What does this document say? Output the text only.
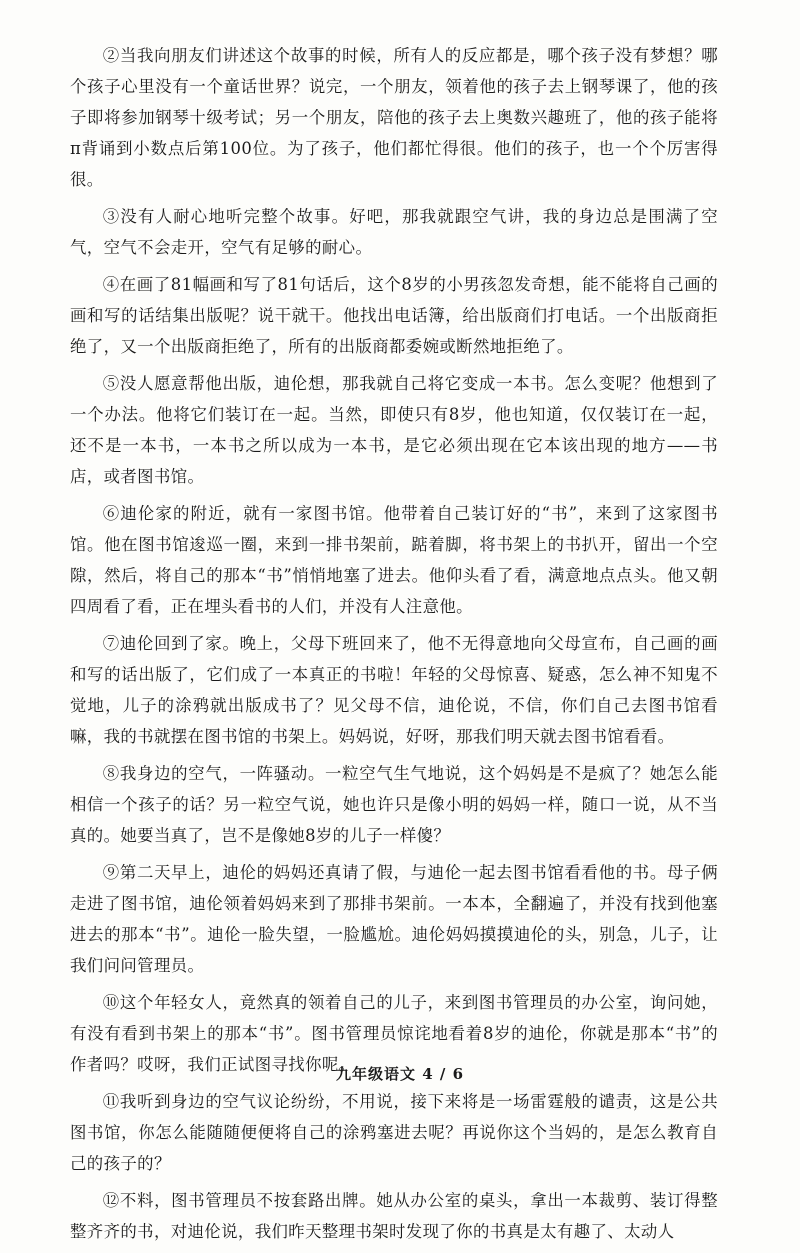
②当我向朋友们讲述这个故事的时候，所有人的反应都是，哪个孩子没有梦想？哪个孩子心里没有一个童话世界？说完，一个朋友，领着他的孩子去上钢琴课了，他的孩子即将参加钢琴十级考试；另一个朋友，陪他的孩子去上奥数兴趣班了，他的孩子能将π背诵到小数点后第100位。为了孩子，他们都忙得很。他们的孩子，也一个个厉害得很。

③没有人耐心地听完整个故事。好吧，那我就跟空气讲，我的身边总是围满了空气，空气不会走开，空气有足够的耐心。

④在画了81幅画和写了81句话后，这个8岁的小男孩忽发奇想，能不能将自己画的画和写的话结集出版呢？说干就干。他找出电话簿，给出版商们打电话。一个出版商拒绝了，又一个出版商拒绝了，所有的出版商都委婉或断然地拒绝了。

⑤没人愿意帮他出版，迪伦想，那我就自己将它变成一本书。怎么变呢？他想到了一个办法。他将它们装订在一起。当然，即使只有8岁，他也知道，仅仅装订在一起，还不是一本书，一本书之所以成为一本书，是它必须出现在它本该出现的地方——书店，或者图书馆。

⑥迪伦家的附近，就有一家图书馆。他带着自己装订好的“书”，来到了这家图书馆。他在图书馆逡巡一圈，来到一排书架前，踮着脚，将书架上的书扒开，留出一个空隙，然后，将自己的那本“书”悄悄地塞了进去。他仰头看了看，满意地点点头。他又朝四周看了看，正在埋头看书的人们，并没有人注意他。

⑦迪伦回到了家。晚上，父母下班回来了，他不无得意地向父母宣布，自己画的画和写的话出版了，它们成了一本真正的书啦！年轻的父母惊喜、疑惑，怎么神不知鬼不觉地，儿子的涂鸦就出版成书了？见父母不信，迪伦说，不信，你们自己去图书馆看嘛，我的书就摆在图书馆的书架上。妈妈说，好呀，那我们明天就去图书馆看看。

⑧我身边的空气，一阵骚动。一粒空气生气地说，这个妈妈是不是疯了？她怎么能相信一个孩子的话？另一粒空气说，她也许只是像小明的妈妈一样，随口一说，从不当真的。她要当真了，岂不是像她8岁的儿子一样傻？

⑨第二天早上，迪伦的妈妈还真请了假，与迪伦一起去图书馆看看他的书。母子俩走进了图书馆，迪伦领着妈妈来到了那排书架前。一本本，全翻遍了，并没有找到他塞进去的那本“书”。迪伦一脸失望，一脸尴尬。迪伦妈妈摸摸迪伦的头，别急，儿子，让我们问问管理员。

⑩这个年轻女人，竟然真的领着自己的儿子，来到图书管理员的办公室，询问她，有没有看到书架上的那本“书”。图书管理员惊诧地看着8岁的迪伦，你就是那本“书”的作者吗？哎呀，我们正试图寻找你呢。

⑪我听到身边的空气议论纷纷，不用说，接下来将是一场雷霆般的谴责，这是公共图书馆，你怎么能随随便便将自己的涂鸦塞进去呢？再说你这个当妈的，是怎么教育自己的孩子的？

⑫不料，图书管理员不按套路出牌。她从办公室的桌头，拿出一本裁剪、装订得整整齐齐的书，对迪伦说，我们昨天整理书架时发现了你的书真是太有趣了、太动人

九年级语文 4 / 6
